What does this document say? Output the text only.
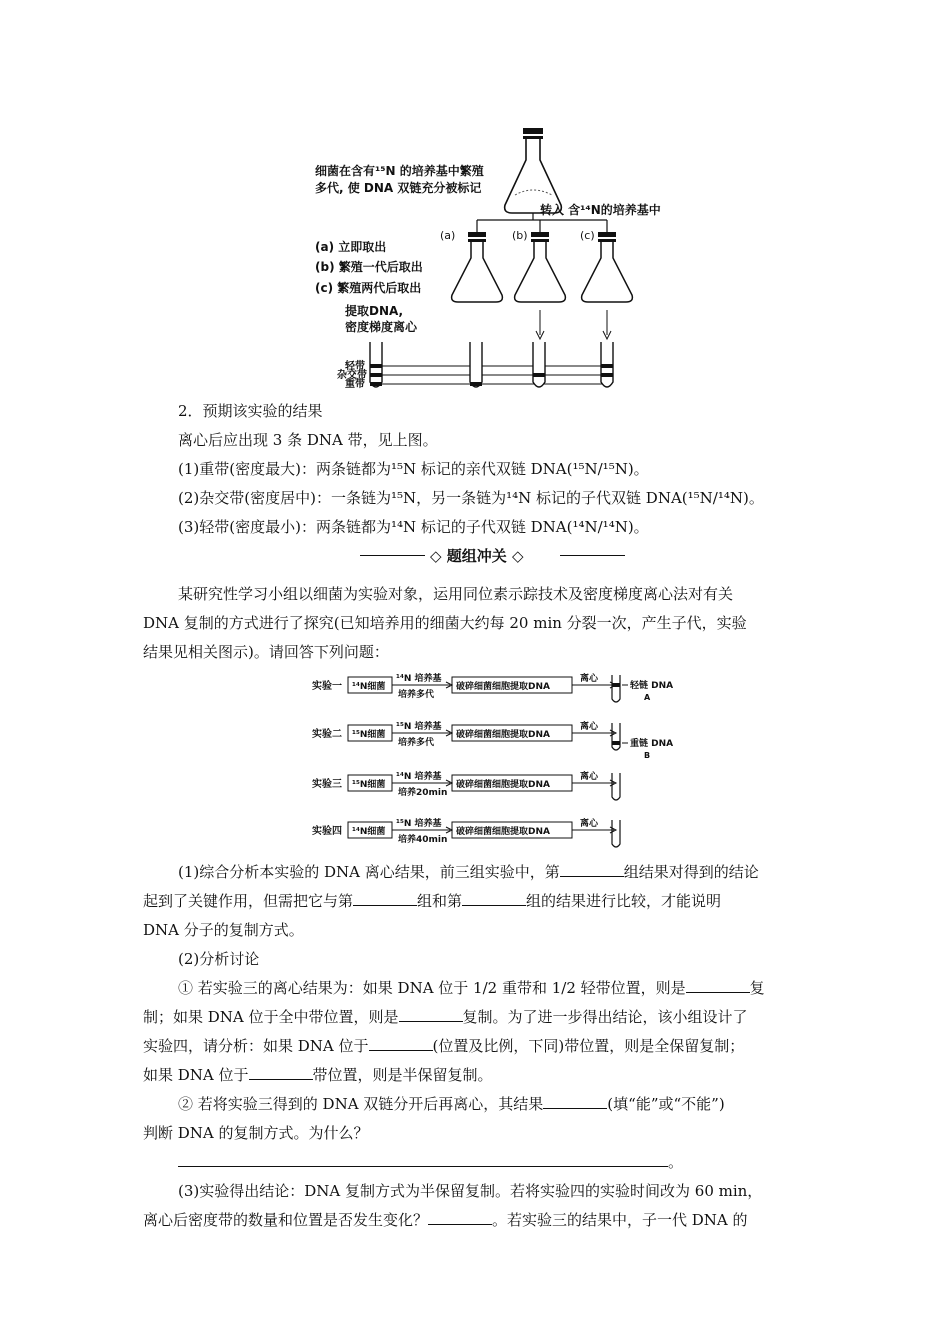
细菌在含有¹⁵N 的培养基中繁殖
多代, 使 DNA 双链充分被标记
转入 含¹⁴N的培养基中
(a)	(b)	(c)
(a) 立即取出
(b) 繁殖一代后取出
(c) 繁殖两代后取出
提取DNA,
密度梯度离心
轻带
杂交带
重带
2．预期该实验的结果
离心后应出现 3 条 DNA 带，见上图。
(1)重带(密度最大)：两条链都为¹⁵N 标记的亲代双链 DNA(¹⁵N/¹⁵N)。
(2)杂交带(密度居中)：一条链为¹⁵N，另一条链为¹⁴N 标记的子代双链 DNA(¹⁵N/¹⁴N)。
(3)轻带(密度最小)：两条链都为¹⁴N 标记的子代双链 DNA(¹⁴N/¹⁴N)。
◇ 题组冲关 ◇
某研究性学习小组以细菌为实验对象，运用同位素示踪技术及密度梯度离心法对有关
DNA 复制的方式进行了探究(已知培养用的细菌大约每 20 min 分裂一次，产生子代，实验
结果见相关图示)。请回答下列问题：
实验一 ¹⁴N细菌
¹⁴N 培养基
培养多代
破碎细菌细胞提取DNA
离心
轻链 DNA
A
实验二 ¹⁵N细菌
¹⁵N 培养基
培养多代
破碎细菌细胞提取DNA
离心
重链 DNA
B
实验三 ¹⁵N细菌
¹⁴N 培养基
培养20min
破碎细菌细胞提取DNA
离心
实验四 ¹⁴N细菌
¹⁵N 培养基
培养40min
破碎细菌细胞提取DNA
离心
(1)综合分析本实验的 DNA 离心结果，前三组实验中，第	组结果对得到的结论
起到了关键作用，但需把它与第	组和第	组的结果进行比较，才能说明
DNA 分子的复制方式。
(2)分析讨论
① 若实验三的离心结果为：如果 DNA 位于 1/2 重带和 1/2 轻带位置，则是	复
制；如果 DNA 位于全中带位置，则是	复制。为了进一步得出结论，该小组设计了
实验四，请分析：如果 DNA 位于	(位置及比例，下同)带位置，则是全保留复制；
如果 DNA 位于	带位置，则是半保留复制。
② 若将实验三得到的 DNA 双链分开后再离心，其结果	(填“能”或“不能”)
判断 DNA 的复制方式。为什么？
。
(3)实验得出结论：DNA 复制方式为半保留复制。若将实验四的实验时间改为 60 min，
离心后密度带的数量和位置是否发生变化？	。若实验三的结果中，子一代 DNA 的
